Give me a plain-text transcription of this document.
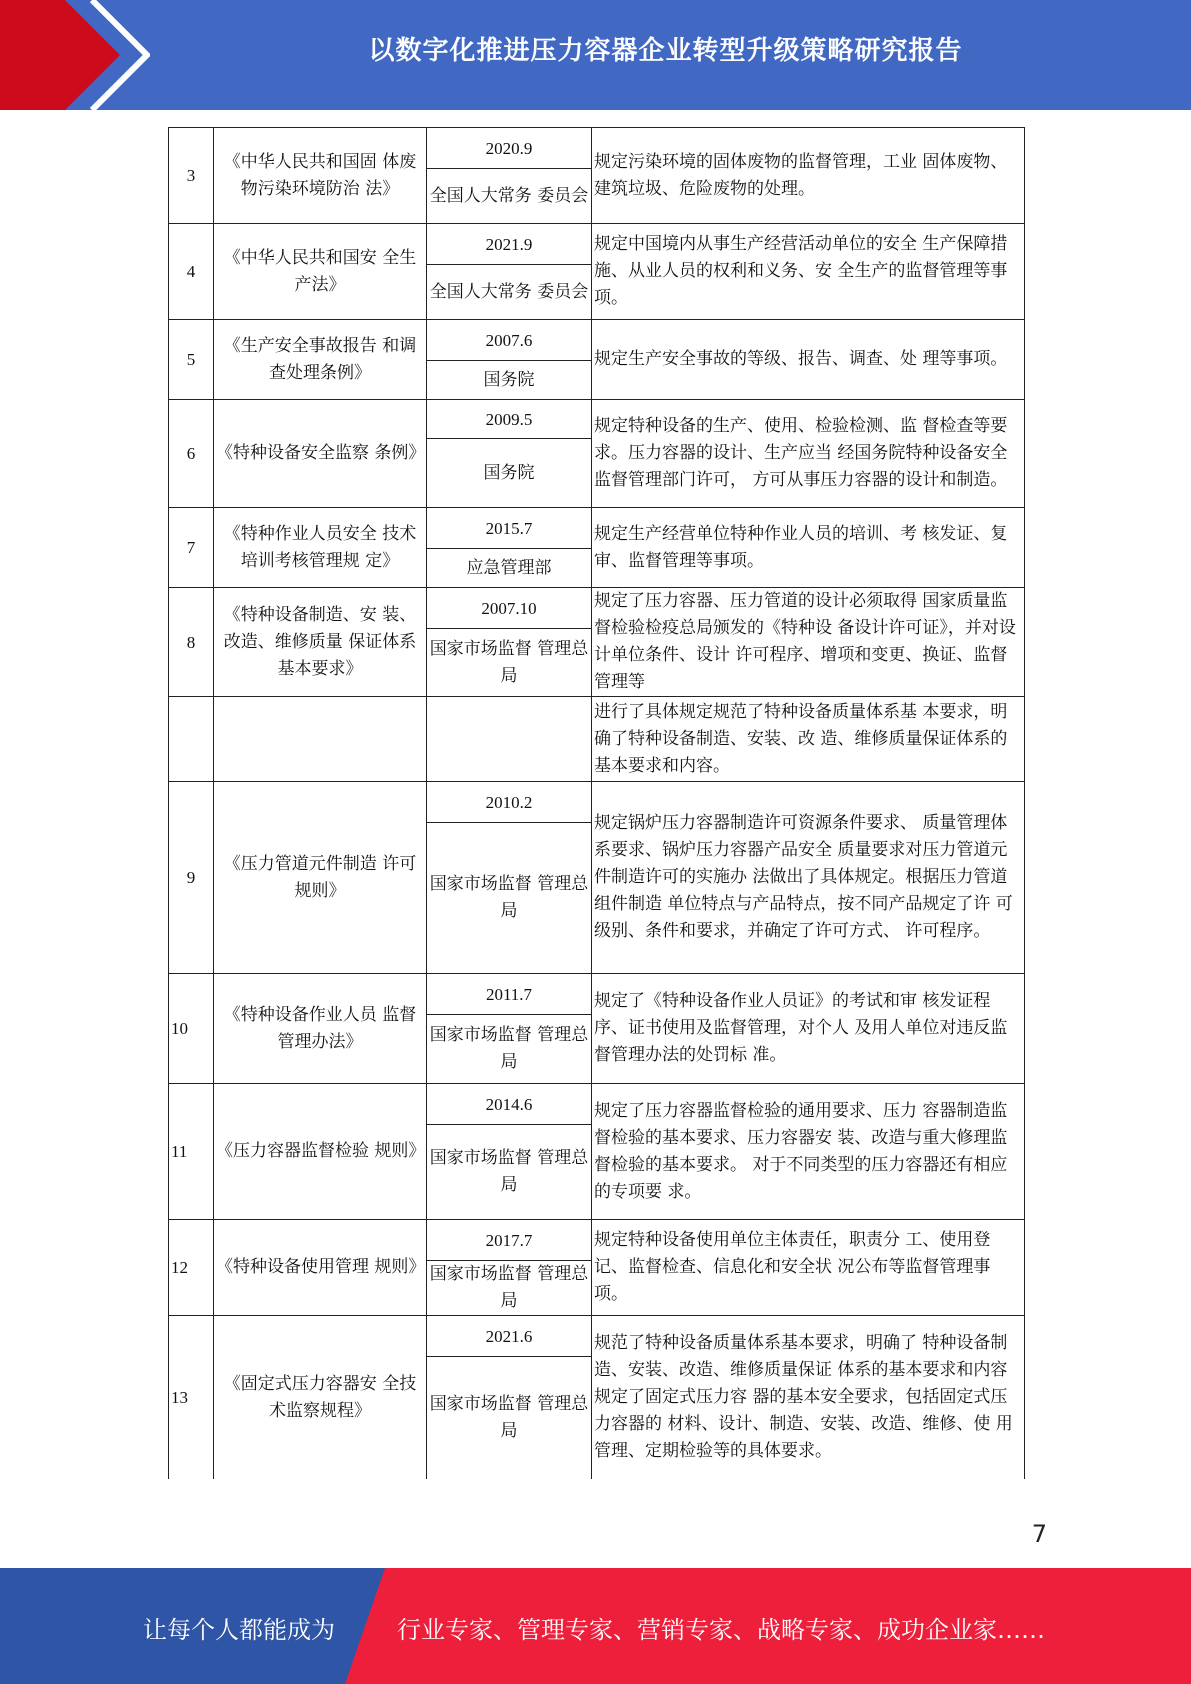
以数字化推进压力容器企业转型升级策略研究报告
3	《中华人民共和国固 体废物污染环境防治 法》	2020.9	规定污染环境的固体废物的监督管理，工业 固体废物、建筑垃圾、危险废物的处理。
		全国人大常务 委员会	
4	《中华人民共和国安 全生产法》	2021.9	规定中国境内从事生产经营活动单位的安全 生产保障措施、从业人员的权利和义务、安 全生产的监督管理等事项。
		全国人大常务 委员会	
5	《生产安全事故报告 和调查处理条例》	2007.6	规定生产安全事故的等级、报告、调查、处 理等事项。
		国务院	
6	《特种设备安全监察 条例》	2009.5	规定特种设备的生产、使用、检验检测、监 督检查等要求。压力容器的设计、生产应当 经国务院特种设备安全监督管理部门许可， 方可从事压力容器的设计和制造。
		国务院	
7	《特种作业人员安全 技术培训考核管理规 定》	2015.7	规定生产经营单位特种作业人员的培训、考 核发证、复审、监督管理等事项。
		应急管理部	
8	《特种设备制造、安 装、改造、维修质量 保证体系基本要求》	2007.10	规定了压力容器、压力管道的设计必须取得 国家质量监督检验检疫总局颁发的《特种设 备设计许可证》，并对设计单位条件、设计 许可程序、增项和变更、换证、监督管理等
		国家市场监督 管理总局	
			进行了具体规定规范了特种设备质量体系基 本要求，明确了特种设备制造、安装、改 造、维修质量保证体系的基本要求和内容。
9	《压力管道元件制造 许可规则》	2010.2	规定锅炉压力容器制造许可资源条件要求、 质量管理体系要求、锅炉压力容器产品安全 质量要求对压力管道元件制造许可的实施办 法做出了具体规定。根据压力管道组件制造 单位特点与产品特点，按不同产品规定了许 可级别、条件和要求，并确定了许可方式、 许可程序。
		国家市场监督 管理总局	
10	《特种设备作业人员 监督管理办法》	2011.7	规定了《特种设备作业人员证》的考试和审 核发证程序、证书使用及监督管理，对个人 及用人单位对违反监督管理办法的处罚标 准。
		国家市场监督 管理总局	
11	《压力容器监督检验 规则》	2014.6	规定了压力容器监督检验的通用要求、压力 容器制造监督检验的基本要求、压力容器安 装、改造与重大修理监督检验的基本要求。 对于不同类型的压力容器还有相应的专项要 求。
		国家市场监督 管理总局	
12	《特种设备使用管理 规则》	2017.7	规定特种设备使用单位主体责任，职责分 工、使用登记、监督检查、信息化和安全状 况公布等监督管理事项。
		国家市场监督 管理总局	
13	《固定式压力容器安 全技术监察规程》	2021.6	规范了特种设备质量体系基本要求，明确了 特种设备制造、安装、改造、维修质量保证 体系的基本要求和内容规定了固定式压力容 器的基本安全要求，包括固定式压力容器的 材料、设计、制造、安装、改造、维修、使 用管理、定期检验等的具体要求。
		国家市场监督 管理总局	
7
让每个人都能成为	行业专家、管理专家、营销专家、战略专家、成功企业家……
